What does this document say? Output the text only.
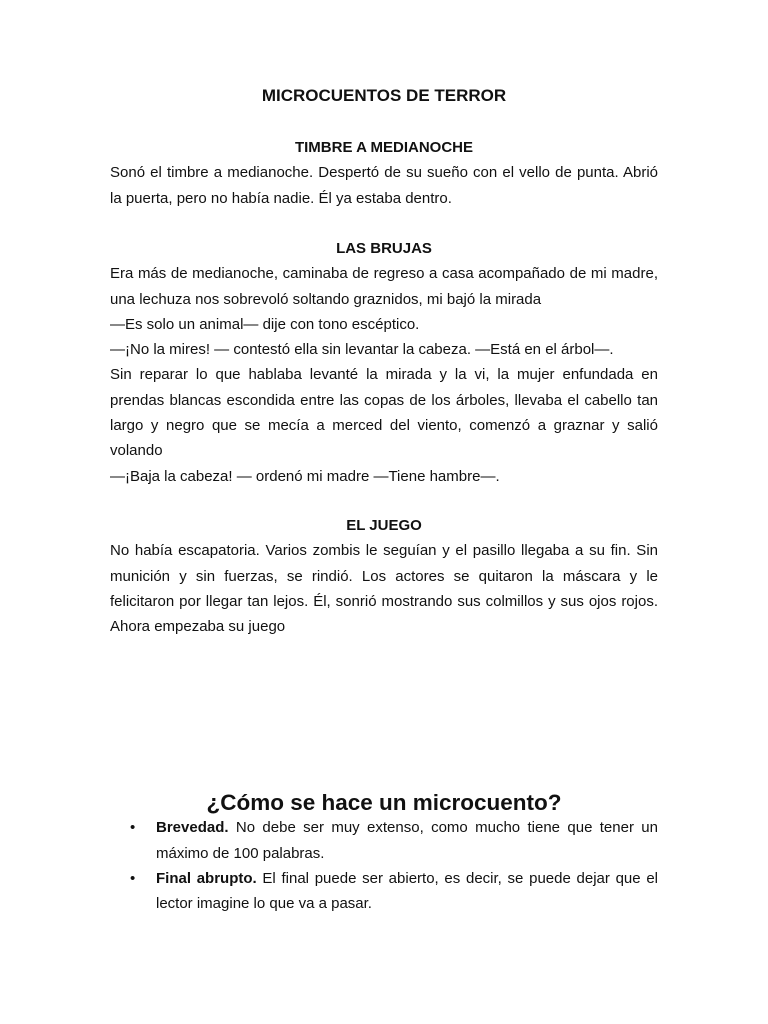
MICROCUENTOS DE TERROR
TIMBRE A MEDIANOCHE

Sonó el timbre a medianoche. Despertó de su sueño con el vello de punta. Abrió la puerta, pero no había nadie. Él ya estaba dentro.

LAS BRUJAS

Era más de medianoche, caminaba de regreso a casa acompañado de mi madre, una lechuza nos sobrevoló soltando graznidos, mi bajó la mirada

—Es solo un animal— dije con tono escéptico.

—¡No la mires! — contestó ella sin levantar la cabeza. —Está en el árbol—.

Sin reparar lo que hablaba levanté la mirada y la vi, la mujer enfundada en prendas blancas escondida entre las copas de los árboles, llevaba el cabello tan largo y negro que se mecía a merced del viento, comenzó a graznar y salió volando

—¡Baja la cabeza! — ordenó mi madre —Tiene hambre—.

EL JUEGO

No había escapatoria. Varios zombis le seguían y el pasillo llegaba a su fin. Sin munición y sin fuerzas, se rindió. Los actores se quitaron la máscara y le felicitaron por llegar tan lejos. Él, sonrió mostrando sus colmillos y sus ojos rojos. Ahora empezaba su juego

¿Cómo se hace un microcuento?
• Brevedad. No debe ser muy extenso, como mucho tiene que tener un máximo de 100 palabras.
• Final abrupto. El final puede ser abierto, es decir, se puede dejar que el lector imagine lo que va a pasar.
